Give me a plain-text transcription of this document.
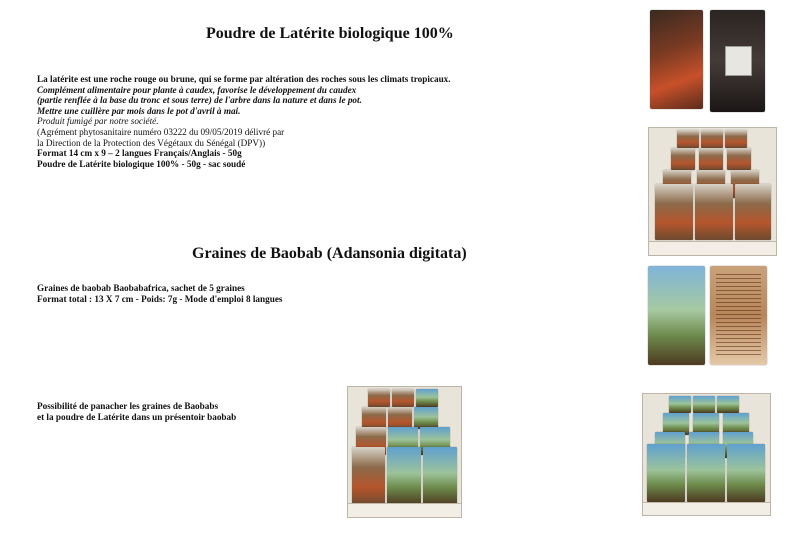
Poudre de Latérite biologique 100%
La latérite est une roche rouge ou brune, qui se forme par altération des roches sous les climats tropicaux.
Complément alimentaire pour plante à caudex, favorise le développement du caudex
(partie renflée à la base du tronc et sous terre) de l'arbre dans la nature et dans le pot.
Mettre une cuillère par mois dans le pot d'avril à mai.
Produit fumigé par notre société.
(Agrément phytosanitaire numéro 03222 du 09/05/2019 délivré par
la Direction de la Protection des Végétaux du Sénégal (DPV))
Format 14 cm x 9 – 2 langues Français/Anglais - 50g
Poudre de Latérite biologique 100% - 50g - sac soudé
Graines de Baobab (Adansonia digitata)
Graines de baobab Baobabafrica, sachet de 5 graines
Format total : 13 X 7 cm - Poids: 7g - Mode d'emploi 8 langues
Possibilité de panacher les graines de Baobabs
et la poudre de Latérite dans un présentoir baobab
